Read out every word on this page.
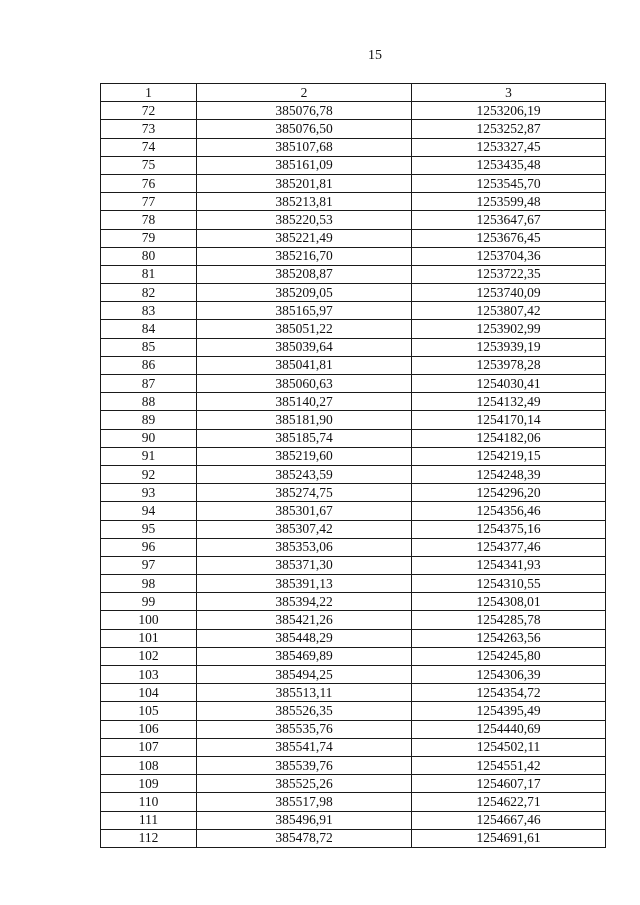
15
1	2	3
72	385076,78	1253206,19
73	385076,50	1253252,87
74	385107,68	1253327,45
75	385161,09	1253435,48
76	385201,81	1253545,70
77	385213,81	1253599,48
78	385220,53	1253647,67
79	385221,49	1253676,45
80	385216,70	1253704,36
81	385208,87	1253722,35
82	385209,05	1253740,09
83	385165,97	1253807,42
84	385051,22	1253902,99
85	385039,64	1253939,19
86	385041,81	1253978,28
87	385060,63	1254030,41
88	385140,27	1254132,49
89	385181,90	1254170,14
90	385185,74	1254182,06
91	385219,60	1254219,15
92	385243,59	1254248,39
93	385274,75	1254296,20
94	385301,67	1254356,46
95	385307,42	1254375,16
96	385353,06	1254377,46
97	385371,30	1254341,93
98	385391,13	1254310,55
99	385394,22	1254308,01
100	385421,26	1254285,78
101	385448,29	1254263,56
102	385469,89	1254245,80
103	385494,25	1254306,39
104	385513,11	1254354,72
105	385526,35	1254395,49
106	385535,76	1254440,69
107	385541,74	1254502,11
108	385539,76	1254551,42
109	385525,26	1254607,17
110	385517,98	1254622,71
111	385496,91	1254667,46
112	385478,72	1254691,61
